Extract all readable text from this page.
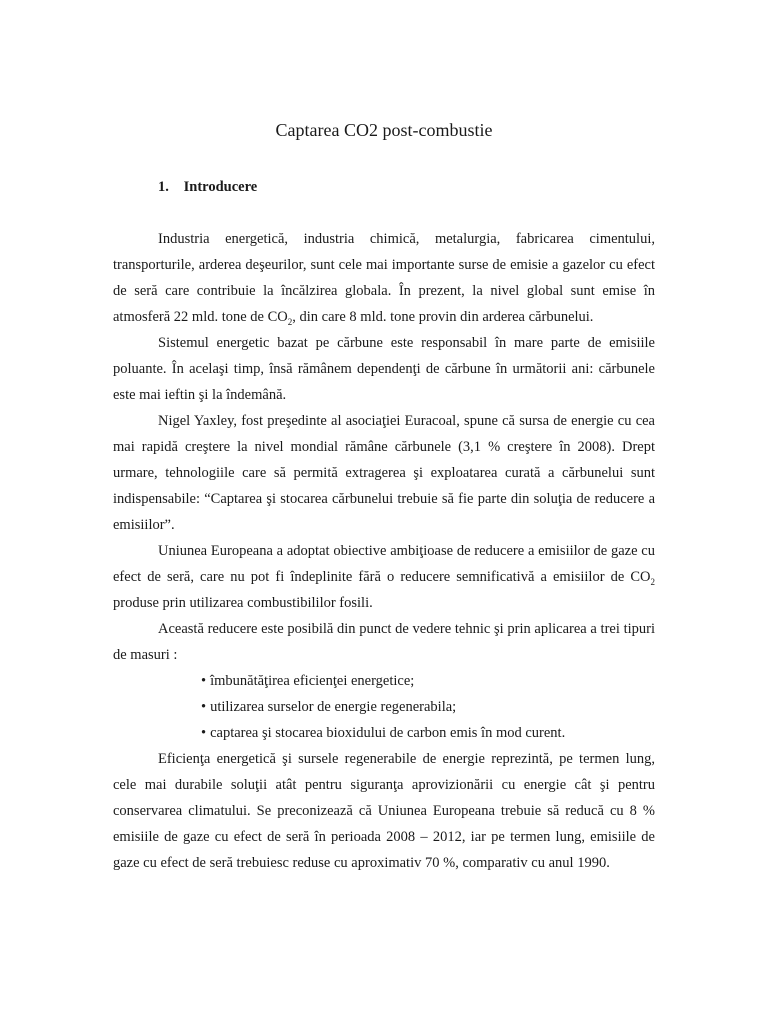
Captarea CO2 post-combustie
1. Introducere

Industria energetică, industria chimică, metalurgia, fabricarea cimentului, transporturile, arderea deşeurilor, sunt cele mai importante surse de emisie a gazelor cu efect de seră care contribuie la încălzirea globala. În prezent, la nivel global sunt emise în atmosferă 22 mld. tone de $CO_2$, din care 8 mld. tone provin din arderea cărbunelui.

Sistemul energetic bazat pe cărbune este responsabil în mare parte de emisiile poluante. În acelaşi timp, însă rămânem dependenţi de cărbune în următorii ani: cărbunele este mai ieftin şi la îndemână.

Nigel Yaxley, fost preşedinte al asociaţiei Euracoal, spune că sursa de energie cu cea mai rapidă creştere la nivel mondial rămâne cărbunele (3,1 % creştere în 2008). Drept urmare, tehnologiile care să permită extragerea şi exploatarea curată a cărbunelui sunt indispensabile: “Captarea şi stocarea cărbunelui trebuie să fie parte din soluţia de reducere a emisiilor”.

Uniunea Europeana a adoptat obiective ambiţioase de reducere a emisiilor de gaze cu efect de seră, care nu pot fi îndeplinite fără o reducere semnificativă a emisiilor de $CO_2$ produse prin utilizarea combustibililor fosili.

Această reducere este posibilă din punct de vedere tehnic şi prin aplicarea a trei tipuri de masuri :

• îmbunătăţirea eficienţei energetice;
• utilizarea surselor de energie regenerabila;
• captarea şi stocarea bioxidului de carbon emis în mod curent.

Eficienţa energetică şi sursele regenerabile de energie reprezintă, pe termen lung, cele mai durabile soluţii atât pentru siguranţa aprovizionării cu energie cât şi pentru conservarea climatului. Se preconizează că Uniunea Europeana trebuie să reducă cu 8 % emisiile de gaze cu efect de seră în perioada 2008 – 2012, iar pe termen lung, emisiile de gaze cu efect de seră trebuiesc reduse cu aproximativ 70 %, comparativ cu anul 1990.
